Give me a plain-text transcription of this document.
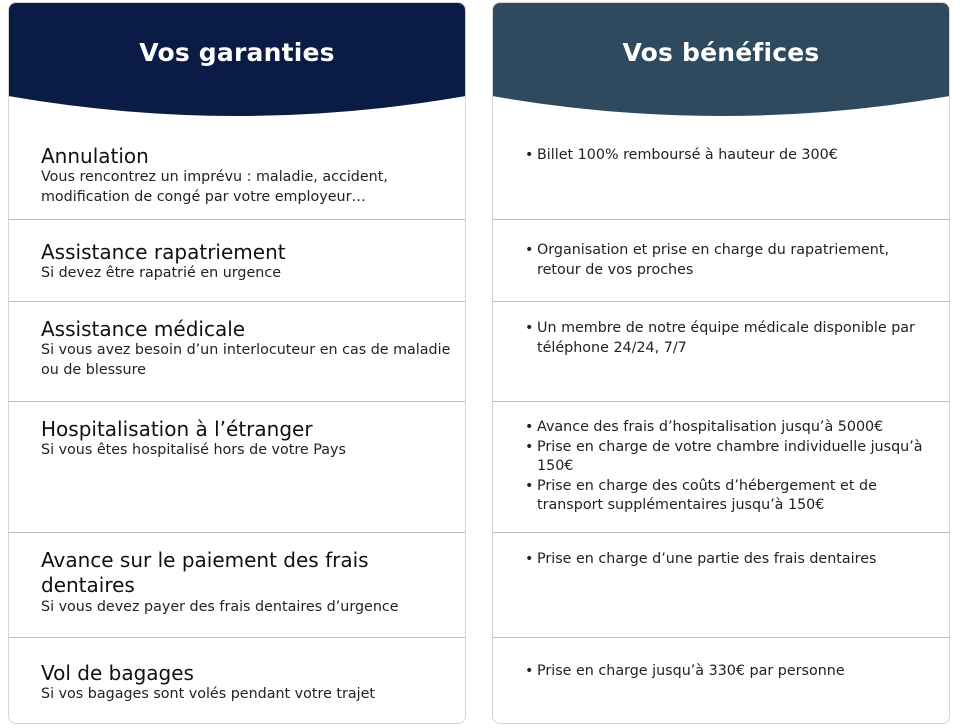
Vos garanties
Annulation
Vous rencontrez un imprévu : maladie, accident, modification de congé par votre employeur…
Assistance rapatriement
Si devez être rapatrié en urgence
Assistance médicale
Si vous avez besoin d’un interlocuteur en cas de maladie ou de blessure
Hospitalisation à l’étranger
Si vous êtes hospitalisé hors de votre Pays
Avance sur le paiement des frais dentaires
Si vous devez payer des frais dentaires d’urgence
Vol de bagages
Si vos bagages sont volés pendant votre trajet
Vos bénéfices
• Billet 100% remboursé à hauteur de 300€
• Organisation et prise en charge du rapatriement, retour de vos proches
• Un membre de notre équipe médicale disponible par téléphone 24/24, 7/7
• Avance des frais d’hospitalisation jusqu’à 5000€
• Prise en charge de votre chambre individuelle jusqu’à 150€
• Prise en charge des coûts d’hébergement et de transport supplémentaires jusqu’à 150€
• Prise en charge d’une partie des frais dentaires
• Prise en charge jusqu’à 330€ par personne
